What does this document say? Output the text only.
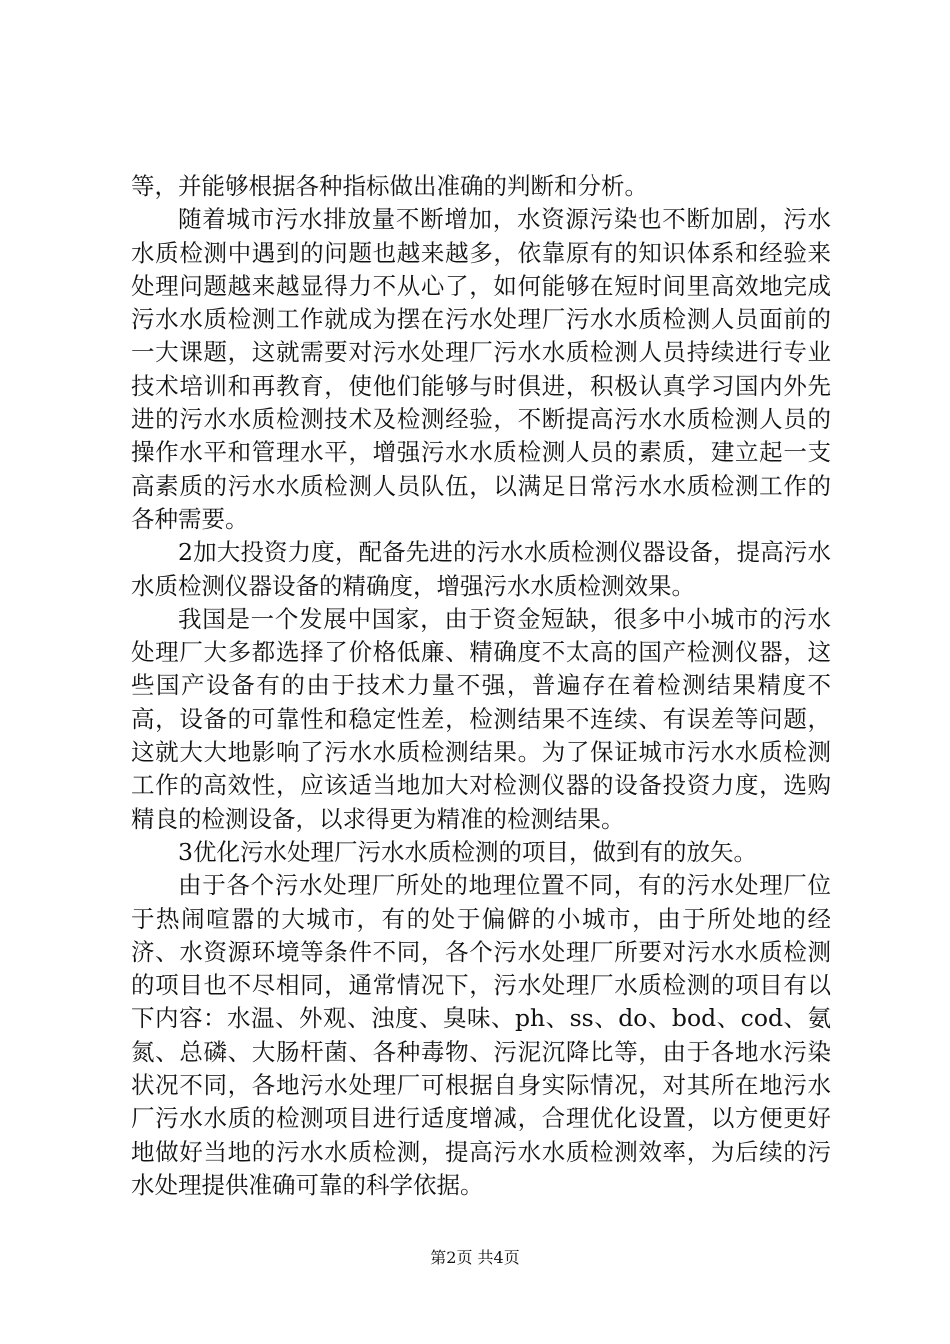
等，并能够根据各种指标做出准确的判断和分析。

随着城市污水排放量不断增加，水资源污染也不断加剧，污水水质检测中遇到的问题也越来越多，依靠原有的知识体系和经验来处理问题越来越显得力不从心了，如何能够在短时间里高效地完成污水水质检测工作就成为摆在污水处理厂污水水质检测人员面前的一大课题，这就需要对污水处理厂污水水质检测人员持续进行专业技术培训和再教育，使他们能够与时俱进，积极认真学习国内外先进的污水水质检测技术及检测经验，不断提高污水水质检测人员的操作水平和管理水平，增强污水水质检测人员的素质，建立起一支高素质的污水水质检测人员队伍，以满足日常污水水质检测工作的各种需要。

2加大投资力度，配备先进的污水水质检测仪器设备，提高污水水质检测仪器设备的精确度，增强污水水质检测效果。

我国是一个发展中国家，由于资金短缺，很多中小城市的污水处理厂大多都选择了价格低廉、精确度不太高的国产检测仪器，这些国产设备有的由于技术力量不强，普遍存在着检测结果精度不高，设备的可靠性和稳定性差，检测结果不连续、有误差等问题，这就大大地影响了污水水质检测结果。为了保证城市污水水质检测工作的高效性，应该适当地加大对检测仪器的设备投资力度，选购精良的检测设备，以求得更为精准的检测结果。

3优化污水处理厂污水水质检测的项目，做到有的放矢。

由于各个污水处理厂所处的地理位置不同，有的污水处理厂位于热闹喧嚣的大城市，有的处于偏僻的小城市，由于所处地的经济、水资源环境等条件不同，各个污水处理厂所要对污水水质检测的项目也不尽相同，通常情况下，污水处理厂水质检测的项目有以下内容：水温、外观、浊度、臭味、ph、ss、do、bod、cod、氨氮、总磷、大肠杆菌、各种毒物、污泥沉降比等，由于各地水污染状况不同，各地污水处理厂可根据自身实际情况，对其所在地污水厂污水水质的检测项目进行适度增减，合理优化设置，以方便更好地做好当地的污水水质检测，提高污水水质检测效率，为后续的污水处理提供准确可靠的科学依据。

第2页 共4页
